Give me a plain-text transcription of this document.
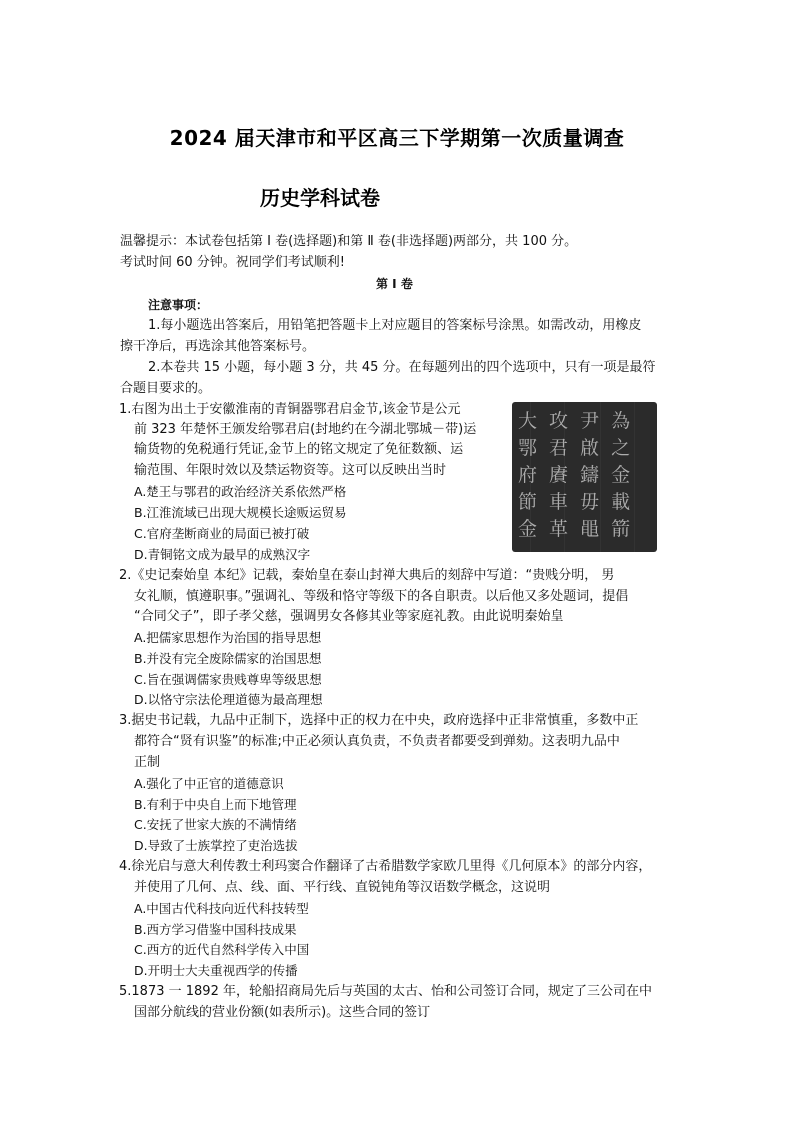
2024 届天津市和平区高三下学期第一次质量调查
历史学科试卷
温馨提示：本试卷包括第 I 卷(选择题)和第 Ⅱ 卷(非选择题)两部分，共 100 分。
考试时间 60 分钟。祝同学们考试顺利!
第 I 卷
注意事项：
1.每小题选出答案后，用铅笔把答题卡上对应题目的答案标号涂黑。如需改动，用橡皮
擦干净后，再选涂其他答案标号。
2.本卷共 15 小题，每小题 3 分，共 45 分。在每题列出的四个选项中，只有一项是最符
合题目要求的。
1.右图为出土于安徽淮南的青铜器鄂君启金节,该金节是公元
前 323 年楚怀王颁发给鄂君启(封地约在今湖北鄂城－带)运
输货物的免税通行凭证,金节上的铭文规定了免征数额、运
输范围、年限时效以及禁运物资等。这可以反映出当时
A.楚王与鄂君的政治经济关系依然严格
B.江淮流域已出现大规模长途贩运贸易
C.官府垄断商业的局面已被打破
D.青铜铭文成为最早的成熟汉字
大 攻 尹 為 鄂 君 啟 之 府 賡 鑄 金 節 車 毋 載 金 革 黽 箭
2.《史记秦始皇 本纪》记载，秦始皇在泰山封禅大典后的刻辞中写道：“贵贱分明， 男
女礼顺，慎遵职事。”强调礼、等级和恪守等级下的各自职责。以后他又多处题词，提倡
“合同父子”，即子孝父慈，强调男女各修其业等家庭礼教。由此说明秦始皇
A.把儒家思想作为治国的指导思想
B.并没有完全废除儒家的治国思想
C.旨在强调儒家贵贱尊卑等级思想
D.以恪守宗法伦理道德为最高理想
3.据史书记载，九品中正制下，选择中正的权力在中央，政府选择中正非常慎重，多数中正
都符合“贤有识鉴”的标准;中正必须认真负责，不负责者都要受到弹劾。这表明九品中
正制
A.强化了中正官的道德意识
B.有利于中央自上而下地管理
C.安抚了世家大族的不满情绪
D.导致了士族掌控了吏治选拔
4.徐光启与意大利传教士利玛窦合作翻译了古希腊数学家欧几里得《几何原本》的部分内容，
并使用了几何、点、线、面、平行线、直锐钝角等汉语数学概念，这说明
A.中国古代科技向近代科技转型
B.西方学习借鉴中国科技成果
C.西方的近代自然科学传入中国
D.开明士大夫重视西学的传播
5.1873 一 1892 年，轮船招商局先后与英国的太古、怡和公司签订合同，规定了三公司在中
国部分航线的营业份额(如表所示)。这些合同的签订
